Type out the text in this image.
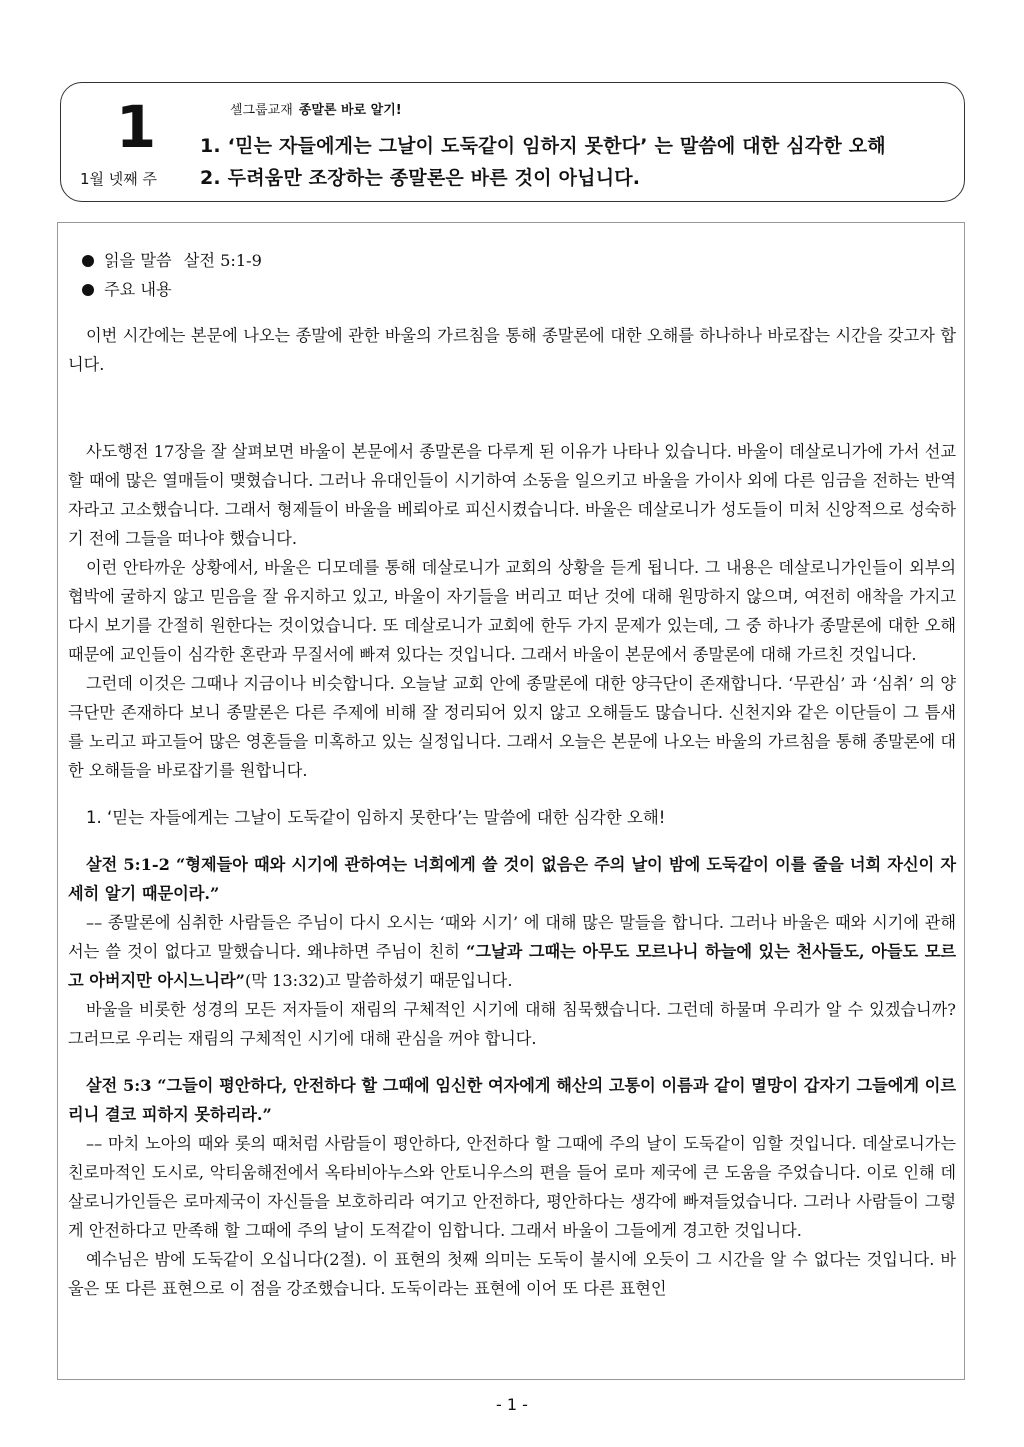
1
1월 넷째 주
셀그룹교재 종말론 바로 알기!
1. ‘믿는 자들에게는 그날이 도둑같이 임하지 못한다’ 는 말씀에 대한 심각한 오해
2. 두려움만 조장하는 종말론은 바른 것이 아닙니다.
읽을 말씀 살전 5:1-9
주요 내용

이번 시간에는 본문에 나오는 종말에 관한 바울의 가르침을 통해 종말론에 대한 오해를 하나하나 바로잡는 시간을 갖고자 합니다.

사도행전 17장을 잘 살펴보면 바울이 본문에서 종말론을 다루게 된 이유가 나타나 있습니다. 바울이 데살로니가에 가서 선교할 때에 많은 열매들이 맺혔습니다. 그러나 유대인들이 시기하여 소동을 일으키고 바울을 가이사 외에 다른 임금을 전하는 반역자라고 고소했습니다. 그래서 형제들이 바울을 베뢰아로 피신시켰습니다. 바울은 데살로니가 성도들이 미처 신앙적으로 성숙하기 전에 그들을 떠나야 했습니다.

이런 안타까운 상황에서, 바울은 디모데를 통해 데살로니가 교회의 상황을 듣게 됩니다. 그 내용은 데살로니가인들이 외부의 협박에 굴하지 않고 믿음을 잘 유지하고 있고, 바울이 자기들을 버리고 떠난 것에 대해 원망하지 않으며, 여전히 애착을 가지고 다시 보기를 간절히 원한다는 것이었습니다. 또 데살로니가 교회에 한두 가지 문제가 있는데, 그 중 하나가 종말론에 대한 오해 때문에 교인들이 심각한 혼란과 무질서에 빠져 있다는 것입니다. 그래서 바울이 본문에서 종말론에 대해 가르친 것입니다.

그런데 이것은 그때나 지금이나 비슷합니다. 오늘날 교회 안에 종말론에 대한 양극단이 존재합니다. ‘무관심’ 과 ‘심취’ 의 양극단만 존재하다 보니 종말론은 다른 주제에 비해 잘 정리되어 있지 않고 오해들도 많습니다. 신천지와 같은 이단들이 그 틈새를 노리고 파고들어 많은 영혼들을 미혹하고 있는 실정입니다. 그래서 오늘은 본문에 나오는 바울의 가르침을 통해 종말론에 대한 오해들을 바로잡기를 원합니다.

1. ‘믿는 자들에게는 그날이 도둑같이 임하지 못한다’는 말씀에 대한 심각한 오해!

살전 5:1-2 “형제들아 때와 시기에 관하여는 너희에게 쓸 것이 없음은 주의 날이 밤에 도둑같이 이를 줄을 너희 자신이 자세히 알기 때문이라.”

–– 종말론에 심취한 사람들은 주님이 다시 오시는 ‘때와 시기’ 에 대해 많은 말들을 합니다. 그러나 바울은 때와 시기에 관해서는 쓸 것이 없다고 말했습니다. 왜냐하면 주님이 친히 “그날과 그때는 아무도 모르나니 하늘에 있는 천사들도, 아들도 모르고 아버지만 아시느니라”(막 13:32)고 말씀하셨기 때문입니다.

바울을 비롯한 성경의 모든 저자들이 재림의 구체적인 시기에 대해 침묵했습니다. 그런데 하물며 우리가 알 수 있겠습니까? 그러므로 우리는 재림의 구체적인 시기에 대해 관심을 꺼야 합니다.

살전 5:3 “그들이 평안하다, 안전하다 할 그때에 임신한 여자에게 해산의 고통이 이름과 같이 멸망이 갑자기 그들에게 이르리니 결코 피하지 못하리라.”

–– 마치 노아의 때와 롯의 때처럼 사람들이 평안하다, 안전하다 할 그때에 주의 날이 도둑같이 임할 것입니다. 데살로니가는 친로마적인 도시로, 악티움해전에서 옥타비아누스와 안토니우스의 편을 들어 로마 제국에 큰 도움을 주었습니다. 이로 인해 데살로니가인들은 로마제국이 자신들을 보호하리라 여기고 안전하다, 평안하다는 생각에 빠져들었습니다. 그러나 사람들이 그렇게 안전하다고 만족해 할 그때에 주의 날이 도적같이 임합니다. 그래서 바울이 그들에게 경고한 것입니다.

예수님은 밤에 도둑같이 오십니다(2절). 이 표현의 첫째 의미는 도둑이 불시에 오듯이 그 시간을 알 수 없다는 것입니다. 바울은 또 다른 표현으로 이 점을 강조했습니다. 도둑이라는 표현에 이어 또 다른 표현인

- 1 -
